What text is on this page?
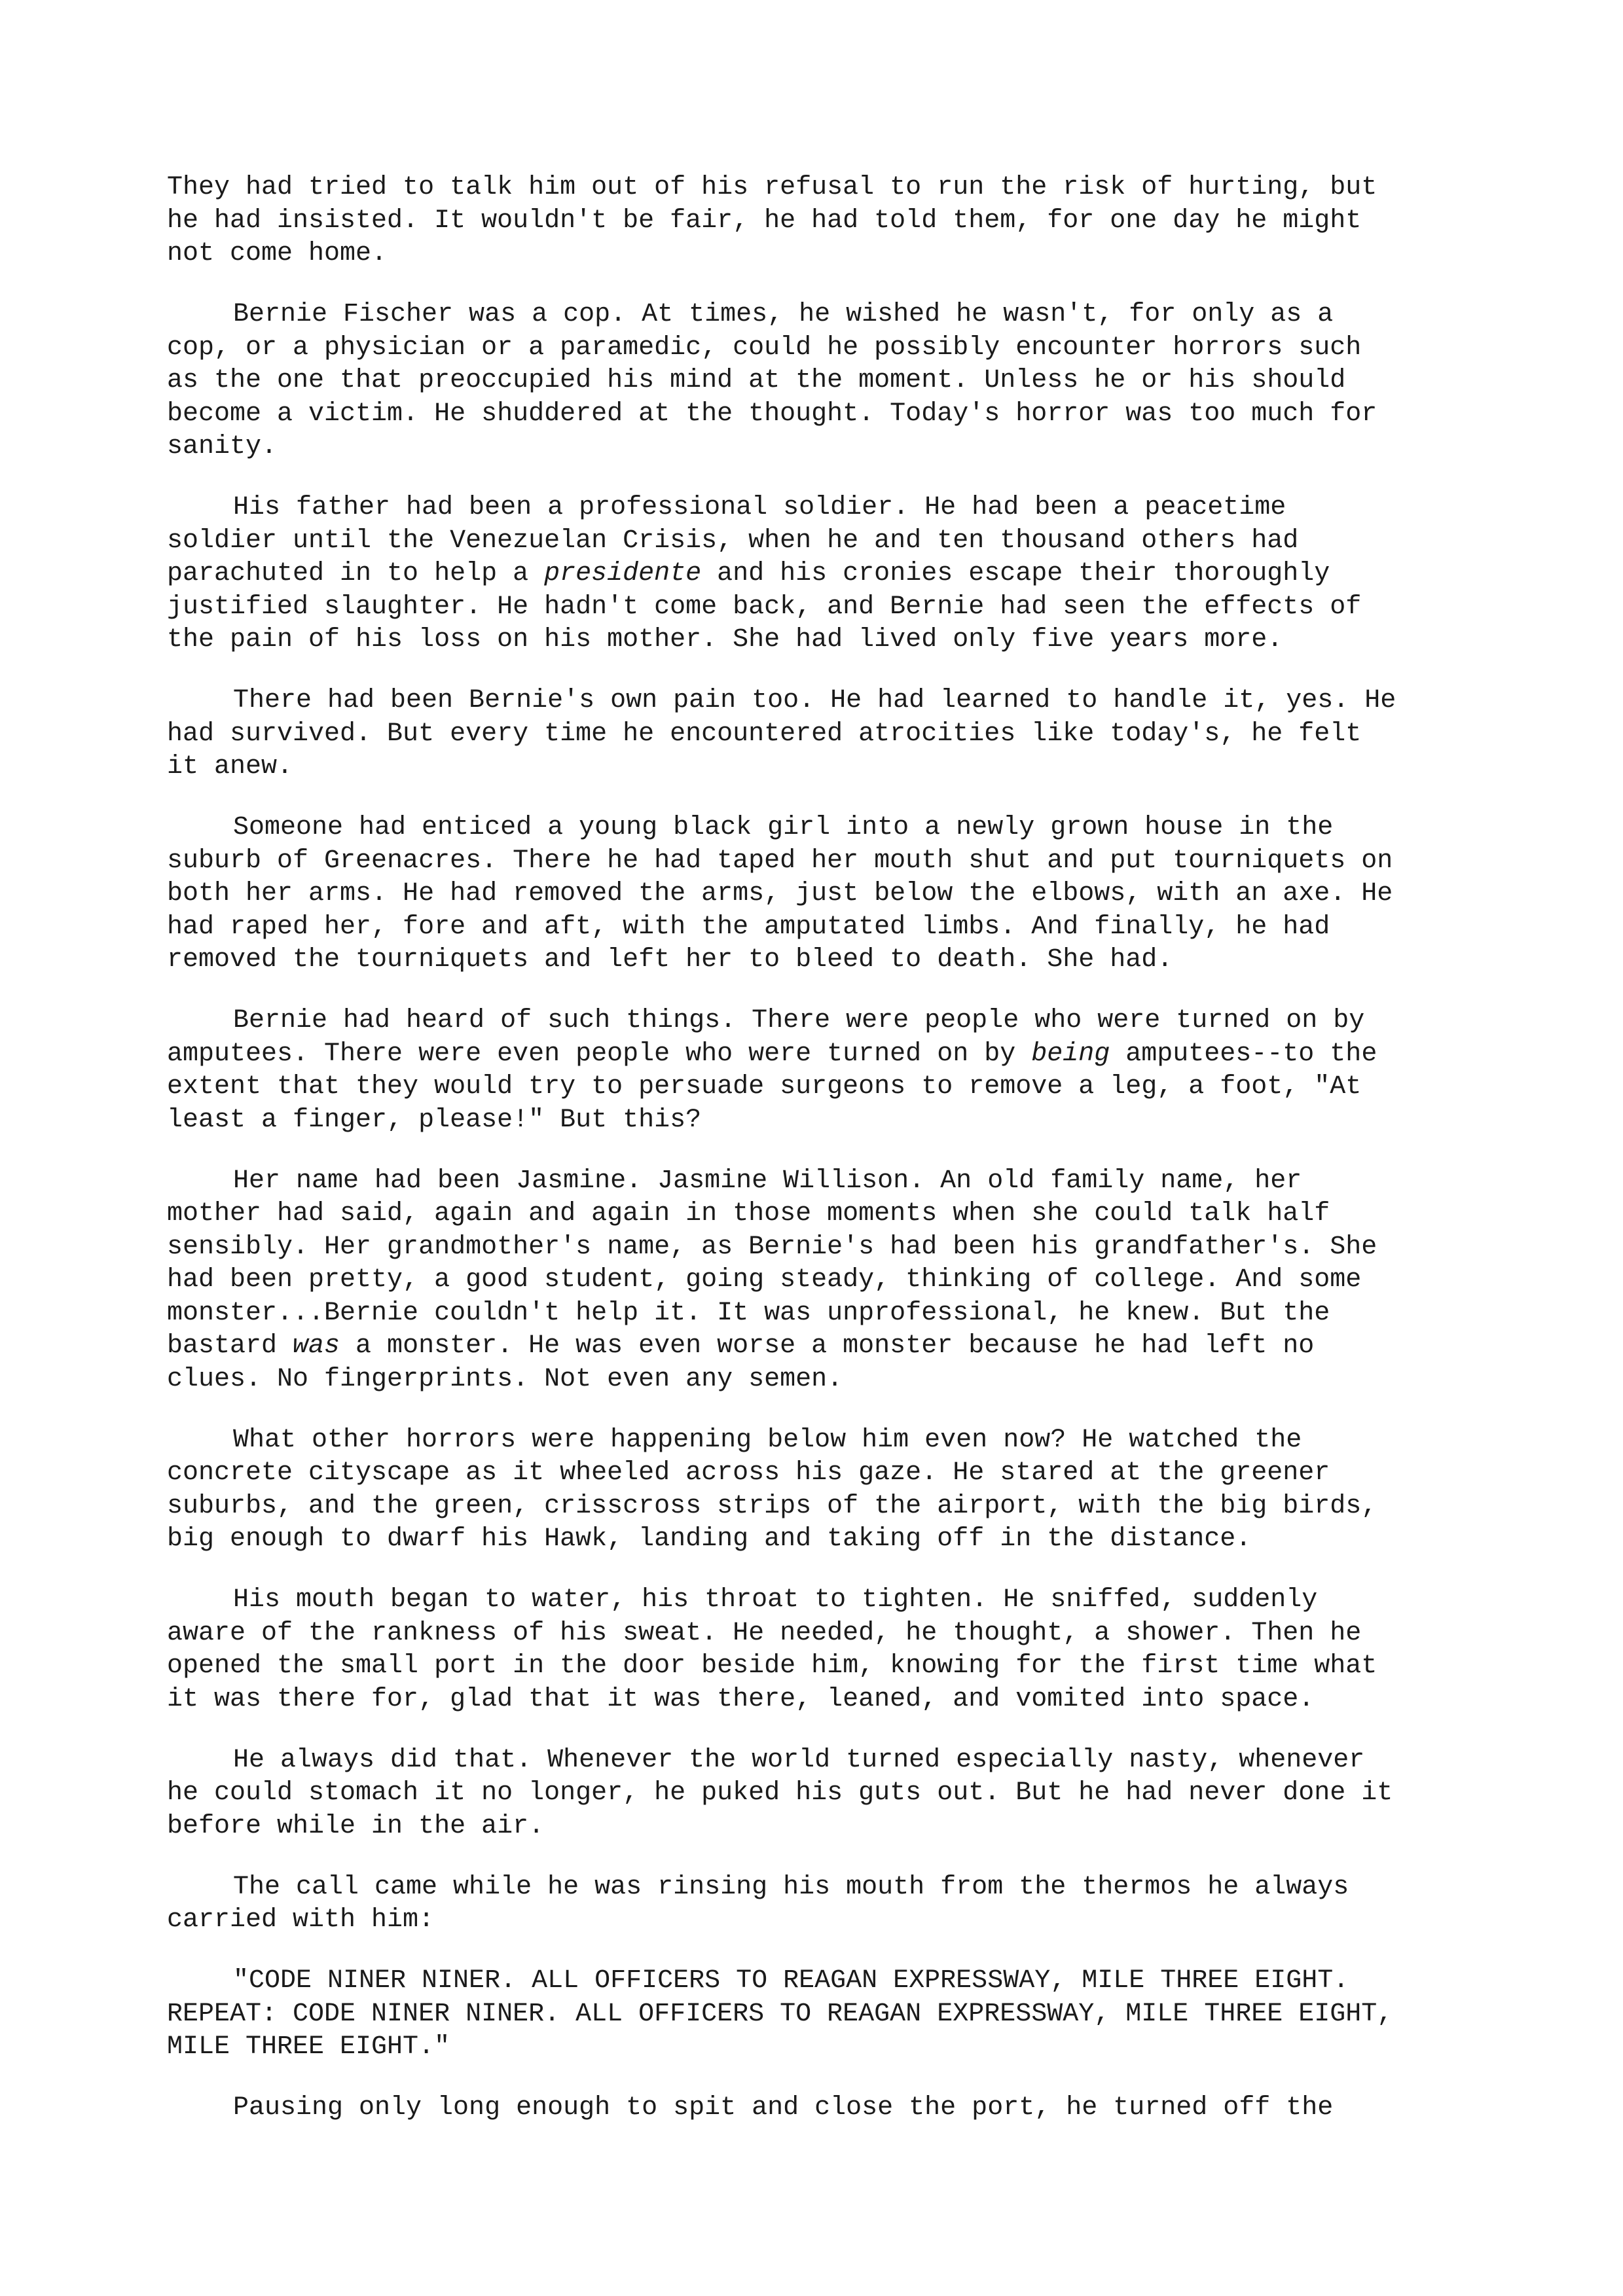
They had tried to talk him out of his refusal to run the risk of hurting, but
he had insisted. It wouldn't be fair, he had told them, for one day he might
not come home.
Bernie Fischer was a cop. At times, he wished he wasn't, for only as a
cop, or a physician or a paramedic, could he possibly encounter horrors such
as the one that preoccupied his mind at the moment. Unless he or his should
become a victim. He shuddered at the thought. Today's horror was too much for
sanity.
His father had been a professional soldier. He had been a peacetime
soldier until the Venezuelan Crisis, when he and ten thousand others had
parachuted in to help a presidente and his cronies escape their thoroughly
justified slaughter. He hadn't come back, and Bernie had seen the effects of
the pain of his loss on his mother. She had lived only five years more.
There had been Bernie's own pain too. He had learned to handle it, yes. He
had survived. But every time he encountered atrocities like today's, he felt
it anew.
Someone had enticed a young black girl into a newly grown house in the
suburb of Greenacres. There he had taped her mouth shut and put tourniquets on
both her arms. He had removed the arms, just below the elbows, with an axe. He
had raped her, fore and aft, with the amputated limbs. And finally, he had
removed the tourniquets and left her to bleed to death. She had.
Bernie had heard of such things. There were people who were turned on by
amputees. There were even people who were turned on by being amputees--to the
extent that they would try to persuade surgeons to remove a leg, a foot, "At
least a finger, please!" But this?
Her name had been Jasmine. Jasmine Willison. An old family name, her
mother had said, again and again in those moments when she could talk half
sensibly. Her grandmother's name, as Bernie's had been his grandfather's. She
had been pretty, a good student, going steady, thinking of college. And some
monster...Bernie couldn't help it. It was unprofessional, he knew. But the
bastard was a monster. He was even worse a monster because he had left no
clues. No fingerprints. Not even any semen.
What other horrors were happening below him even now? He watched the
concrete cityscape as it wheeled across his gaze. He stared at the greener
suburbs, and the green, crisscross strips of the airport, with the big birds,
big enough to dwarf his Hawk, landing and taking off in the distance.
His mouth began to water, his throat to tighten. He sniffed, suddenly
aware of the rankness of his sweat. He needed, he thought, a shower. Then he
opened the small port in the door beside him, knowing for the first time what
it was there for, glad that it was there, leaned, and vomited into space.
He always did that. Whenever the world turned especially nasty, whenever
he could stomach it no longer, he puked his guts out. But he had never done it
before while in the air.
The call came while he was rinsing his mouth from the thermos he always
carried with him:
"CODE NINER NINER. ALL OFFICERS TO REAGAN EXPRESSWAY, MILE THREE EIGHT.
REPEAT: CODE NINER NINER. ALL OFFICERS TO REAGAN EXPRESSWAY, MILE THREE EIGHT,
MILE THREE EIGHT."
Pausing only long enough to spit and close the port, he turned off the
